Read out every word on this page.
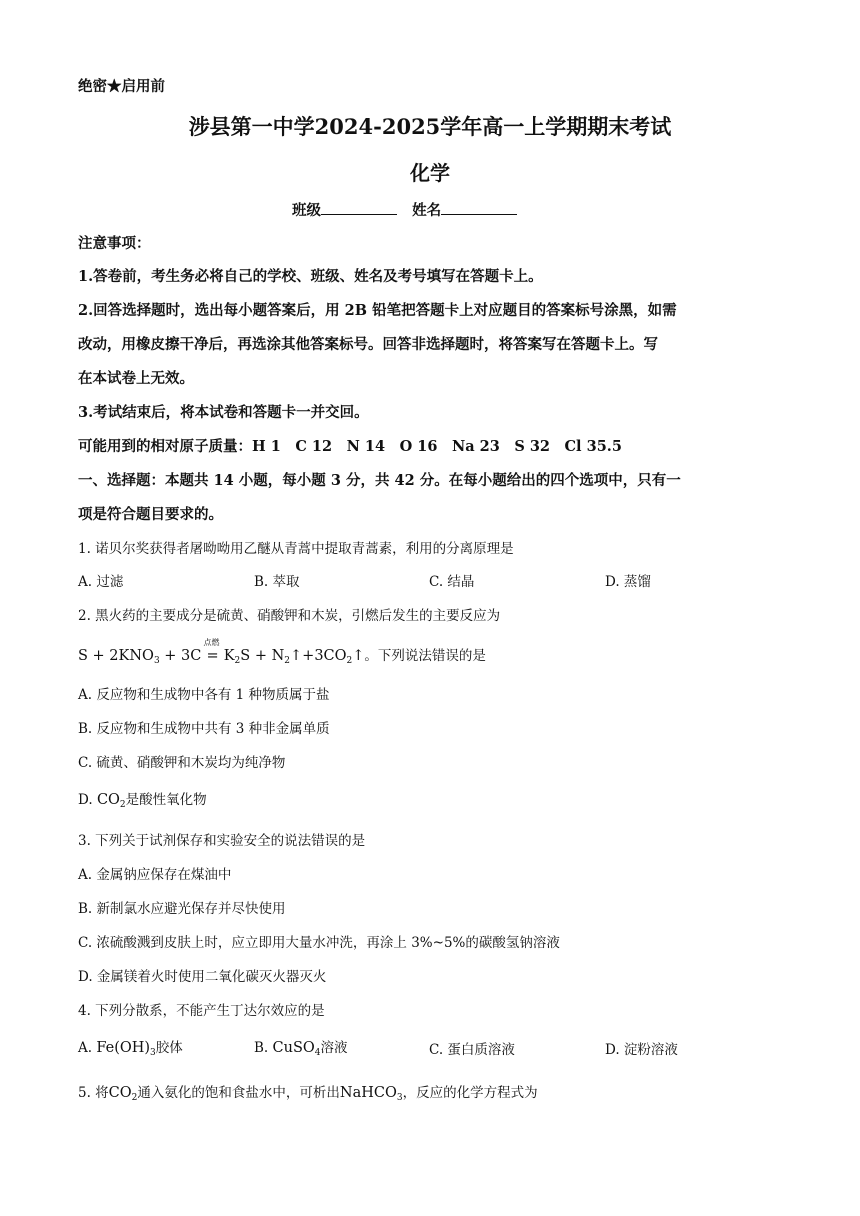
绝密★启用前
涉县第一中学2024-2025学年高一上学期期末考试
化学
班级	姓名
注意事项：
1.答卷前，考生务必将自己的学校、班级、姓名及考号填写在答题卡上。
2.回答选择题时，选出每小题答案后，用 2B 铅笔把答题卡上对应题目的答案标号涂黑，如需
改动，用橡皮擦干净后，再选涂其他答案标号。回答非选择题时，将答案写在答题卡上。写
在本试卷上无效。
3.考试结束后，将本试卷和答题卡一并交回。
可能用到的相对原子质量：H 1　C 12　N 14　O 16　Na 23　S 32　Cl 35.5
一、选择题：本题共 14 小题，每小题 3 分，共 42 分。在每小题给出的四个选项中，只有一
项是符合题目要求的。
1. 诺贝尔奖获得者屠呦呦用乙醚从青蒿中提取青蒿素，利用的分离原理是
A. 过滤	B. 萃取	C. 结晶	D. 蒸馏
2. 黑火药的主要成分是硫黄、硝酸钾和木炭，引燃后发生的主要反应为
$S + 2KNO_3 + 3C$
点燃
= $K_2S$ + $N_2↑+3CO_2↑$。下列说法错误的是
A. 反应物和生成物中各有 1 种物质属于盐
B. 反应物和生成物中共有 3 种非金属单质
C. 硫黄、硝酸钾和木炭均为纯净物
D. $CO_2$是酸性氧化物
3. 下列关于试剂保存和实验安全的说法错误的是
A. 金属钠应保存在煤油中
B. 新制氯水应避光保存并尽快使用
C. 浓硫酸溅到皮肤上时，应立即用大量水冲洗，再涂上 3%~5%的碳酸氢钠溶液
D. 金属镁着火时使用二氧化碳灭火器灭火
4. 下列分散系，不能产生丁达尔效应的是
A. $Fe(OH)_3$胶体	B. CuSO$_4$溶液	C. 蛋白质溶液	D. 淀粉溶液
5. 将$CO_2$通入氨化的饱和食盐水中，可析出NaHCO$_3$，反应的化学方程式为
